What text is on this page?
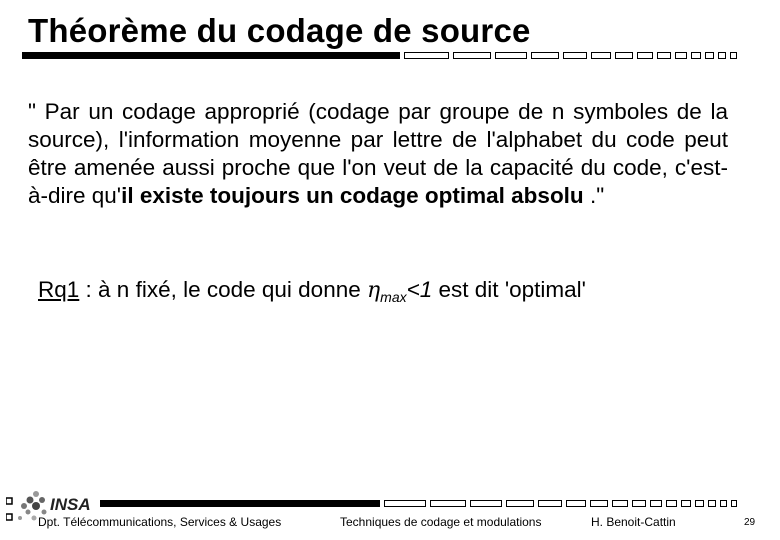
Théorème du codage de source
" Par un codage approprié (codage par groupe de n symboles de la source), l'information moyenne par lettre de l'alphabet du code peut être amenée aussi proche que l'on veut de la capacité du code, c'est-à-dire qu'il existe toujours un codage optimal absolu ."
Rq1 : à n fixé, le code qui donne $\eta_{max}<1$ est dit 'optimal'
INSA
Dpt. Télécommunications, Services & Usages	Techniques de codage et modulations	H. Benoit-Cattin	29
